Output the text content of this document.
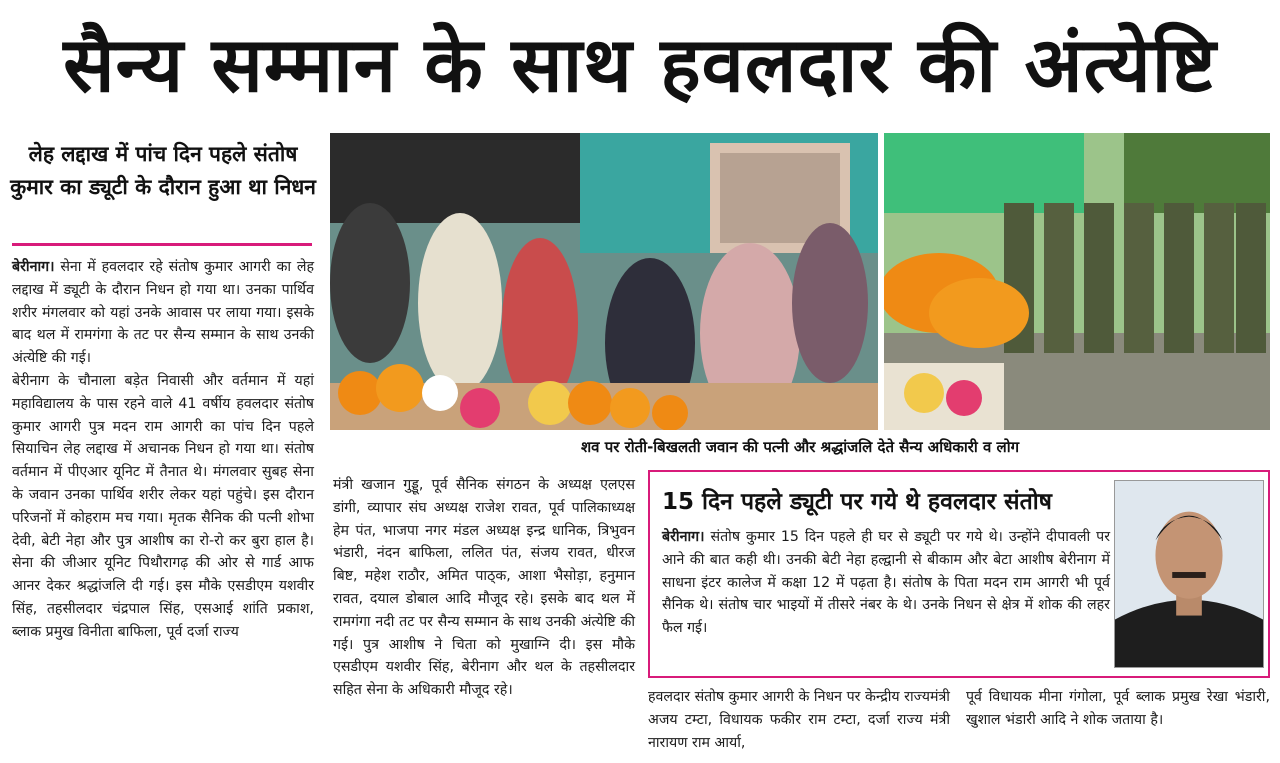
सैन्य सम्मान के साथ हवलदार की अंत्येष्टि
लेह लद्दाख में पांच दिन पहले संतोष कुमार का ड्यूटी के दौरान हुआ था निधन

बेरीनाग। सेना में हवलदार रहे संतोष कुमार आगरी का लेह लद्दाख में ड्यूटी के दौरान निधन हो गया था। उनका पार्थिव शरीर मंगलवार को यहां उनके आवास पर लाया गया। इसके बाद थल में रामगंगा के तट पर सैन्य सम्मान के साथ उनकी अंत्येष्टि की गई।

बेरीनाग के चौनाला बड़ेत निवासी और वर्तमान में यहां महाविद्यालय के पास रहने वाले 41 वर्षीय हवलदार संतोष कुमार आगरी पुत्र मदन राम आगरी का पांच दिन पहले सियाचिन लेह लद्दाख में अचानक निधन हो गया था। संतोष वर्तमान में पीएआर यूनिट में तैनात थे। मंगलवार सुबह सेना के जवान उनका पार्थिव शरीर लेकर यहां पहुंचे। इस दौरान परिजनों में कोहराम मच गया। मृतक सैनिक की पत्नी शोभा देवी, बेटी नेहा और पुत्र आशीष का रो-रो कर बुरा हाल है। सेना की जीआर यूनिट पिथौरागढ़ की ओर से गार्ड आफ आनर देकर श्रद्धांजलि दी गई। इस मौके एसडीएम यशवीर सिंह, तहसीलदार चंद्रपाल सिंह, एसआई शांति प्रकाश, ब्लाक प्रमुख विनीता बाफिला, पूर्व दर्जा राज्य

शव पर रोती-बिखलती जवान की पत्नी और श्रद्धांजलि देते सैन्य अधिकारी व लोग

मंत्री खजान गुड्डू, पूर्व सैनिक संगठन के अध्यक्ष एलएस डांगी, व्यापार संघ अध्यक्ष राजेश रावत, पूर्व पालिकाध्यक्ष हेम पंत, भाजपा नगर मंडल अध्यक्ष इन्द्र धानिक, त्रिभुवन भंडारी, नंदन बाफिला, ललित पंत, संजय रावत, धीरज बिष्ट, महेश राठौर, अमित पाठ्क, आशा भैसोड़ा, हनुमान रावत, दयाल डोबाल आदि मौजूद रहे। इसके बाद थल में रामगंगा नदी तट पर सैन्य सम्मान के साथ उनकी अंत्येष्टि की गई। पुत्र आशीष ने चिता को मुखाग्नि दी। इस मौके एसडीएम यशवीर सिंह, बेरीनाग और थल के तहसीलदार सहित सेना के अधिकारी मौजूद रहे।

15 दिन पहले ड्यूटी पर गये थे हवलदार संतोष
बेरीनाग। संतोष कुमार 15 दिन पहले ही घर से ड्यूटी पर गये थे। उन्होंने दीपावली पर आने की बात कही थी। उनकी बेटी नेहा हल्द्वानी से बीकाम और बेटा आशीष बेरीनाग में साधना इंटर कालेज में कक्षा 12 में पढ़ता है। संतोष के पिता मदन राम आगरी भी पूर्व सैनिक थे। संतोष चार भाइयों में तीसरे नंबर के थे। उनके निधन से क्षेत्र में शोक की लहर फैल गई।

हवलदार संतोष कुमार आगरी के निधन पर केन्द्रीय राज्यमंत्री अजय टम्टा, विधायक फकीर राम टम्टा, दर्जा राज्य मंत्री नारायण राम आर्या,

पूर्व विधायक मीना गंगोला, पूर्व ब्लाक प्रमुख रेखा भंडारी, खुशाल भंडारी आदि ने शोक जताया है।
